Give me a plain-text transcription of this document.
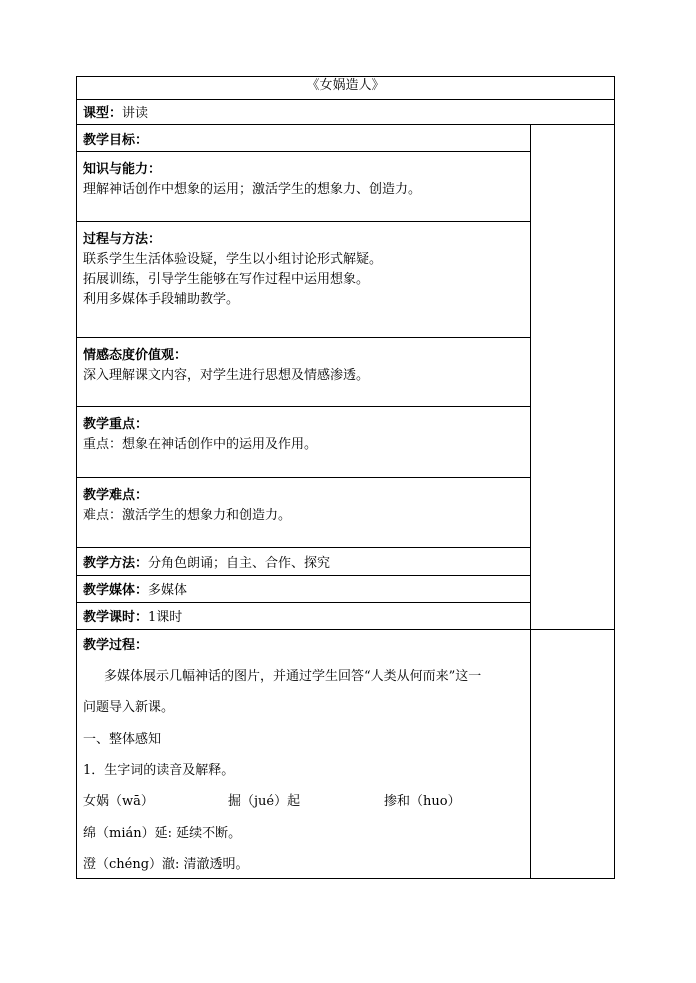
《女娲造人》
课型：讲读
教学目标：
知识与能力：
理解神话创作中想象的运用；激活学生的想象力、创造力。
过程与方法：
联系学生生活体验设疑，学生以小组讨论形式解疑。
拓展训练，引导学生能够在写作过程中运用想象。
利用多媒体手段辅助教学。
情感态度价值观：
深入理解课文内容，对学生进行思想及情感渗透。
教学重点：
重点：想象在神话创作中的运用及作用。
教学难点：
难点：激活学生的想象力和创造力。
教学方法：分角色朗诵；自主、合作、探究
教学媒体：多媒体
教学课时：1课时
教学过程：
多媒体展示几幅神话的图片，并通过学生回答“人类从何而来”这一
问题导入新课。
一、整体感知
1．生字词的读音及解释。
女娲（wā）	掘（jué）起	掺和（huo）
绵（mián）延: 延续不断。
澄（chéng）澈: 清澈透明。
